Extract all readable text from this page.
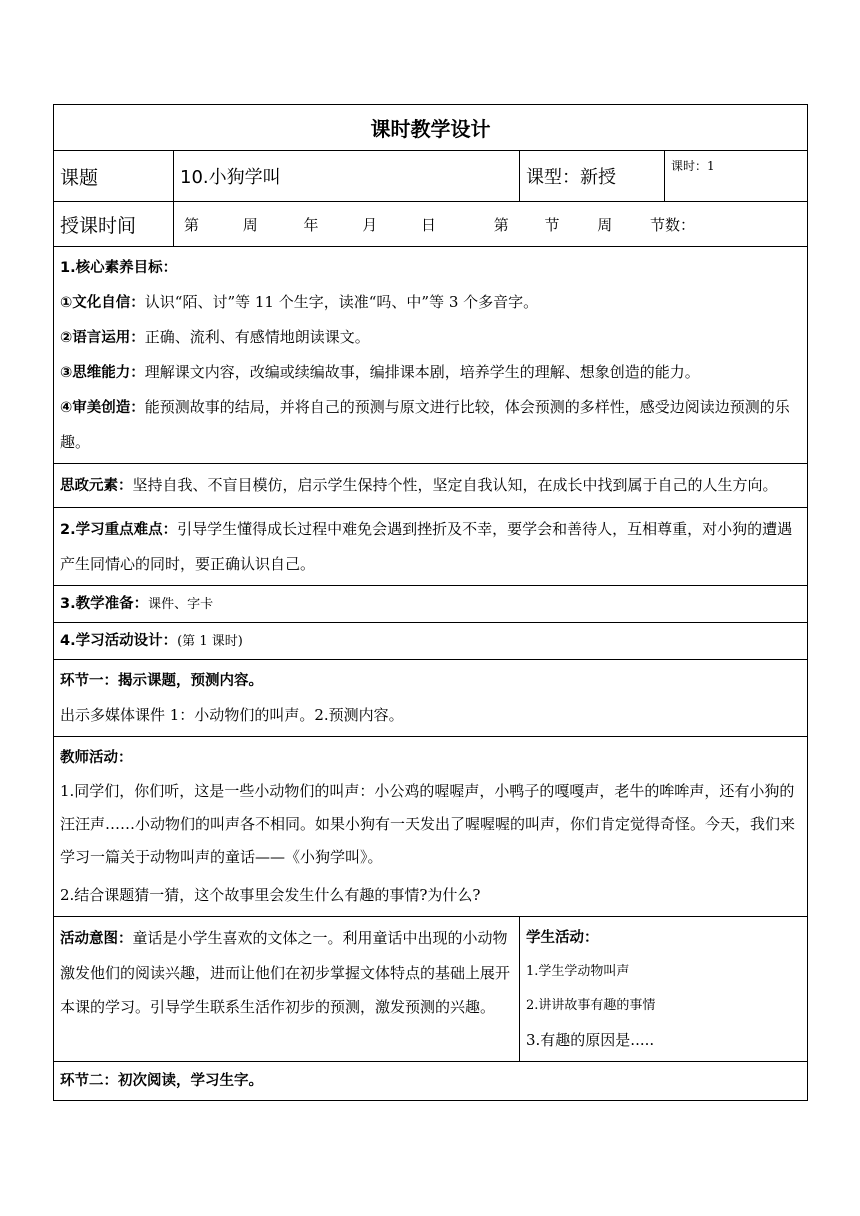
课时教学设计			
课题	10.小狗学叫	课型：新授	课时：1
授课时间	第 周 年 月 日 第 节 周 节数：		

1.核心素养目标：

①文化自信：认识“陌、讨”等 11 个生字，读准“吗、中”等 3 个多音字。

②语言运用：正确、流利、有感情地朗读课文。

③思维能力：理解课文内容，改编或续编故事，编排课本剧，培养学生的理解、想象创造的能力。

④审美创造：能预测故事的结局，并将自己的预测与原文进行比较，体会预测的多样性，感受边阅读边预测的乐趣。			

思政元素：坚持自我、不盲目模仿，启示学生保持个性，坚定自我认知，在成长中找到属于自己的人生方向。			

2.学习重点难点：引导学生懂得成长过程中难免会遇到挫折及不幸，要学会和善待人，互相尊重，对小狗的遭遇产生同情心的同时，要正确认识自己。			

3.教学准备：课件、字卡			

4.学习活动设计：(第 1 课时)			

环节一：揭示课题，预测内容。

出示多媒体课件 1：小动物们的叫声。2.预测内容。			

教师活动：

1.同学们，你们听，这是一些小动物们的叫声：小公鸡的喔喔声，小鸭子的嘎嘎声，老牛的哞哞声，还有小狗的汪汪声……小动物们的叫声各不相同。如果小狗有一天发出了喔喔喔的叫声，你们肯定觉得奇怪。今天，我们来学习一篇关于动物叫声的童话——《小狗学叫》。

2.结合课题猜一猜，这个故事里会发生什么有趣的事情?为什么?			

活动意图：童话是小学生喜欢的文体之一。利用童话中出现的小动物激发他们的阅读兴趣，进而让他们在初步掌握文体特点的基础上展开本课的学习。引导学生联系生活作初步的预测，激发预测的兴趣。		学生活动：

1.学生学动物叫声

2.讲讲故事有趣的事情

3.有趣的原因是.....	

环节二：初次阅读，学习生字。			
